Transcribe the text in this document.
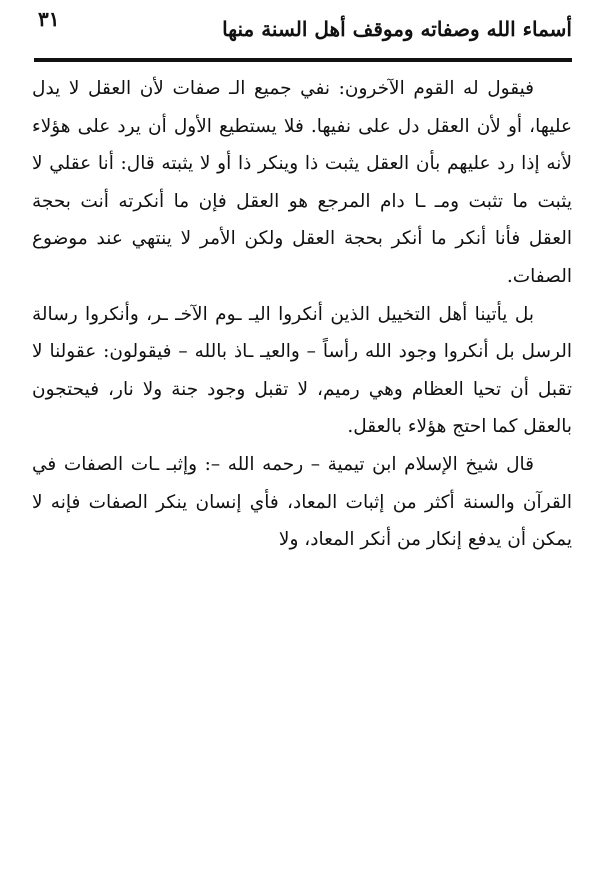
٣١	أسماء الله وصفاته وموقف أهل السنة منها

فيقول له القوم الآخرون: نفي جميع الـ صفات لأن العقل لا يدل عليها، أو لأن العقل دل على نفيها. فلا يستطيع الأول أن يرد على هؤلاء لأنه إذا رد عليهم بأن العقل يثبت ذا وينكر ذا أو لا يثبته قال: أنا عقلي لا يثبت ما تثبت ومـ ـا دام المرجع هو العقل فإن ما أنكرته أنت بحجة العقل فأنا أنكر ما أنكر بحجة العقل ولكن الأمر لا ينتهي عند موضوع الصفات.

بل يأتينا أهل التخييل الذين أنكروا اليـ ـوم الآخـ ـر، وأنكروا رسالة الرسل بل أنكروا وجود الله رأساً – والعيـ ـاذ بالله – فيقولون: عقولنا لا تقبل أن تحيا العظام وهي رميم، لا تقبل وجود جنة ولا نار، فيحتجون بالعقل كما احتج هؤلاء بالعقل.

قال شيخ الإسلام ابن تيمية – رحمه الله –: وإثبـ ـات الصفات في القرآن والسنة أكثر من إثبات المعاد، فأي إنسان ينكر الصفات فإنه لا يمكن أن يدفع إنكار من أنكر المعاد، ولا
